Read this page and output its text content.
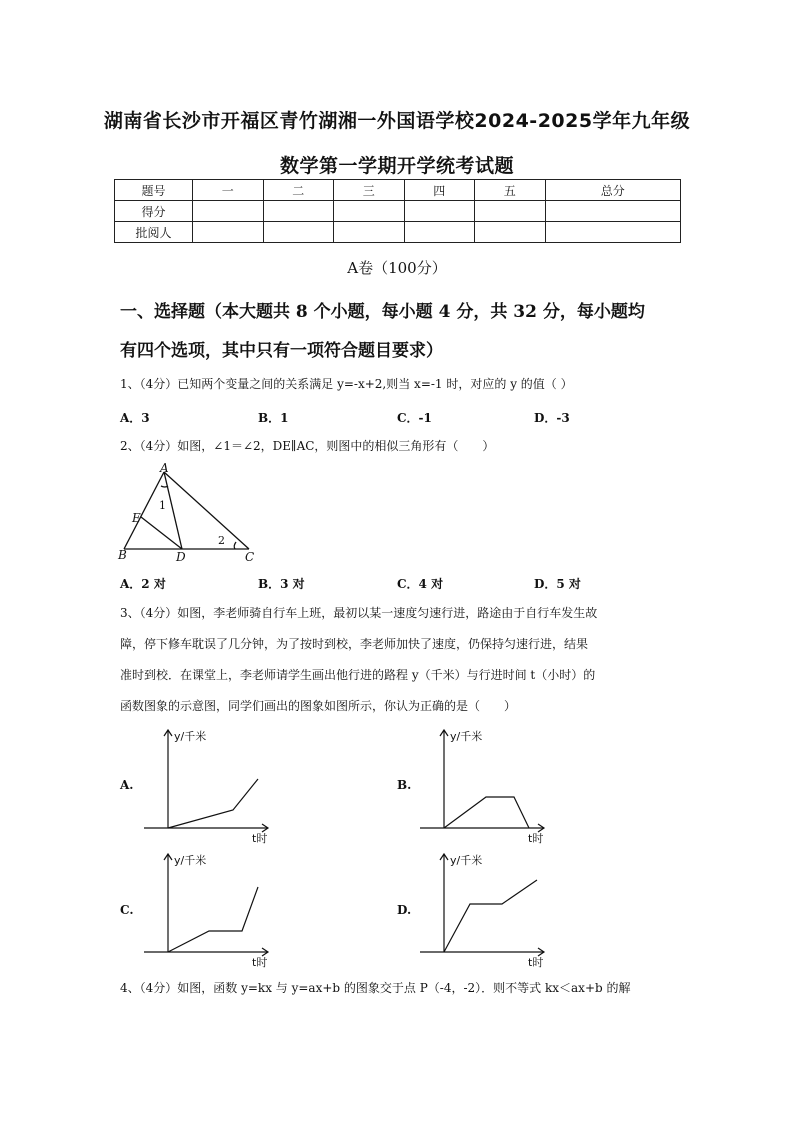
湖南省长沙市开福区青竹湖湘一外国语学校2024-2025学年九年级
数学第一学期开学统考试题
题号	一	二	三	四	五	总分
得分						
批阅人						
A卷（100分）
一、选择题（本大题共 8 个小题，每小题 4 分，共 32 分，每小题均
有四个选项，其中只有一项符合题目要求）
1、（4分）已知两个变量之间的关系满足 y=-x+2,则当 x=-1 时，对应的 y 的值（ ）
A．3	B．1	C．-1	D．-3
2、（4分）如图，∠1＝∠2，DE∥AC，则图中的相似三角形有（　　）
A
B	C
D
E
1
2
A．2 对	B．3 对	C．4 对	D．5 对
3、（4分）如图，李老师骑自行车上班，最初以某一速度匀速行进，路途由于自行车发生故
障，停下修车耽误了几分钟，为了按时到校，李老师加快了速度，仍保持匀速行进，结果
准时到校．在课堂上，李老师请学生画出他行进的路程 y（千米）与行进时间 t（小时）的
函数图象的示意图，同学们画出的图象如图所示，你认为正确的是（　　）
A.
y/千米
t时
B.
y/千米
t时
C.
y/千米
t时
D.
y/千米
t时
4、（4分）如图，函数 y=kx 与 y=ax+b 的图象交于点 P（-4，-2）．则不等式 kx＜ax+b 的解
